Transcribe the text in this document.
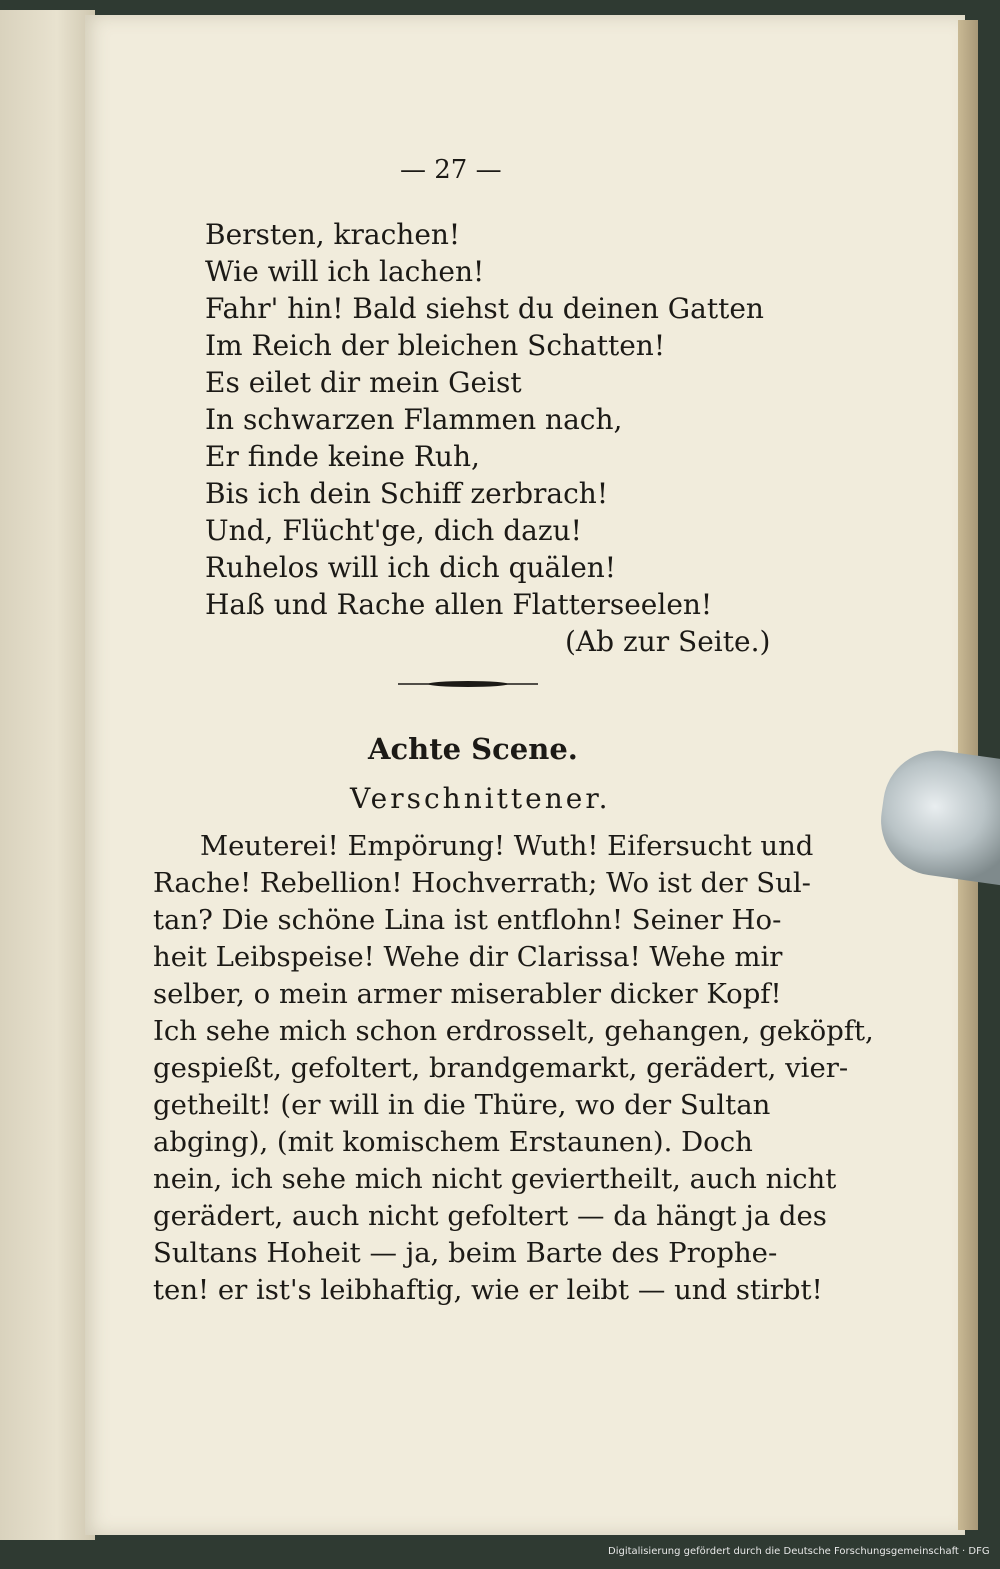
— 27 —
Bersten, krachen!
Wie will ich lachen!
Fahr' hin! Bald siehst du deinen Gatten
Im Reich der bleichen Schatten!
Es eilet dir mein Geist
In schwarzen Flammen nach,
Er finde keine Ruh,
Bis ich dein Schiff zerbrach!
Und, Flücht'ge, dich dazu!
Ruhelos will ich dich quälen!
Haß und Rache allen Flatterseelen!
(Ab zur Seite.)
Achte Scene.
Verschnittener.
Meuterei! Empörung! Wuth! Eifersucht und
Rache! Rebellion! Hochverrath; Wo ist der Sul-
tan? Die schöne Lina ist entflohn! Seiner Ho-
heit Leibspeise! Wehe dir Clarissa! Wehe mir
selber, o mein armer miserabler dicker Kopf!
Ich sehe mich schon erdrosselt, gehangen, geköpft,
gespießt, gefoltert, brandgemarkt, gerädert, vier-
getheilt! (er will in die Thüre, wo der Sultan
abging), (mit komischem Erstaunen). Doch
nein, ich sehe mich nicht geviertheilt, auch nicht
gerädert, auch nicht gefoltert — da hängt ja des
Sultans Hoheit — ja, beim Barte des Prophe-
ten! er ist's leibhaftig, wie er leibt — und stirbt!
Digitalisierung gefördert durch die Deutsche Forschungsgemeinschaft · DFG
